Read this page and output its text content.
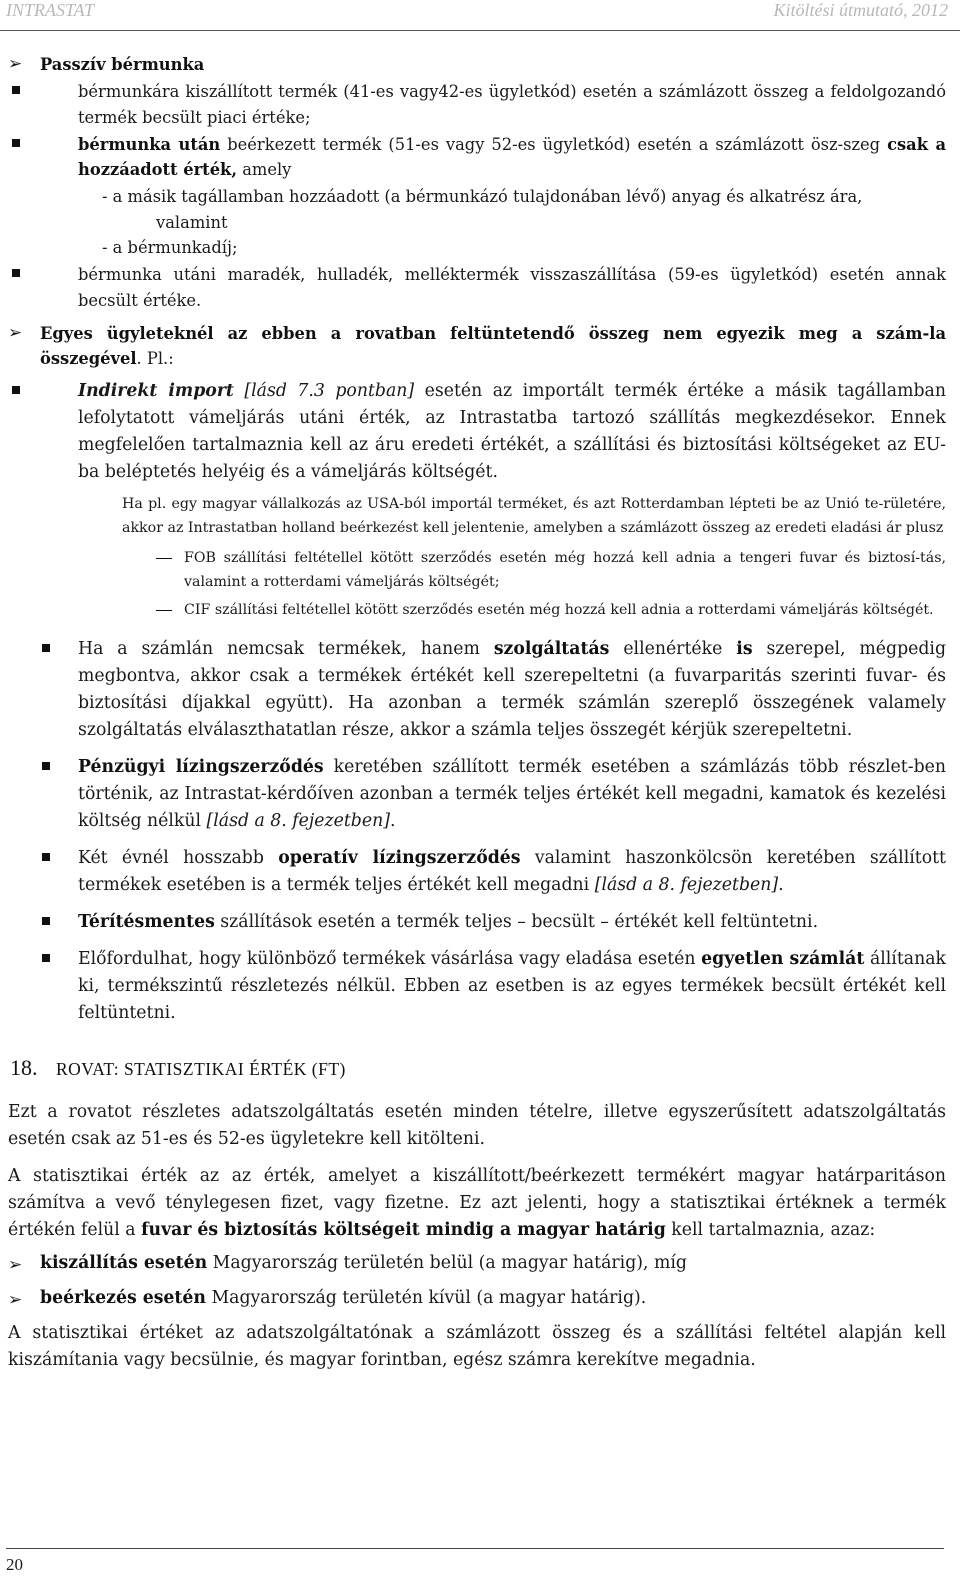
INTRASTAT	Kitöltési útmutató, 2012
➢	Passzív bérmunka
bérmunkára kiszállított termék (41-es vagy42-es ügyletkód) esetén a számlázott összeg a feldolgozandó termék becsült piaci értéke;
bérmunka után beérkezett termék (51-es vagy 52-es ügyletkód) esetén a számlázott ösz-szeg csak a hozzáadott érték, amely
- a másik tagállamban hozzáadott (a bérmunkázó tulajdonában lévő) anyag és alkatrész ára,
valamint
- a bérmunkadíj;
bérmunka utáni maradék, hulladék, melléktermék visszaszállítása (59-es ügyletkód) esetén annak becsült értéke.
➢	Egyes ügyleteknél az ebben a rovatban feltüntetendő összeg nem egyezik meg a szám-la összegével. Pl.:
Indirekt import [lásd 7.3 pontban] esetén az importált termék értéke a másik tagállamban lefolytatott vámeljárás utáni érték, az Intrastatba tartozó szállítás megkezdésekor. Ennek megfelelően tartalmaznia kell az áru eredeti értékét, a szállítási és biztosítási költségeket az EU-ba beléptetés helyéig és a vámeljárás költségét.
Ha pl. egy magyar vállalkozás az USA-ból importál terméket, és azt Rotterdamban lépteti be az Unió te-rületére, akkor az Intrastatban holland beérkezést kell jelentenie, amelyben a számlázott összeg az eredeti eladási ár plusz
FOB szállítási feltétellel kötött szerződés esetén még hozzá kell adnia a tengeri fuvar és biztosí-tás, valamint a rotterdami vámeljárás költségét;
CIF szállítási feltétellel kötött szerződés esetén még hozzá kell adnia a rotterdami vámeljárás költségét.
Ha a számlán nemcsak termékek, hanem szolgáltatás ellenértéke is szerepel, mégpedig megbontva, akkor csak a termékek értékét kell szerepeltetni (a fuvarparitás szerinti fuvar- és biztosítási díjakkal együtt). Ha azonban a termék számlán szereplő összegének valamely szolgáltatás elválaszthatatlan része, akkor a számla teljes összegét kérjük szerepeltetni.
Pénzügyi lízingszerződés keretében szállított termék esetében a számlázás több részlet-ben történik, az Intrastat-kérdőíven azonban a termék teljes értékét kell megadni, kamatok és kezelési költség nélkül [lásd a 8. fejezetben].
Két évnél hosszabb operatív lízingszerződés valamint haszonkölcsön keretében szállított termékek esetében is a termék teljes értékét kell megadni [lásd a 8. fejezetben].
Térítésmentes szállítások esetén a termék teljes – becsült – értékét kell feltüntetni.
Előfordulhat, hogy különböző termékek vásárlása vagy eladása esetén egyetlen számlát állítanak ki, termékszintű részletezés nélkül. Ebben az esetben is az egyes termékek becsült értékét kell feltüntetni.
18. ROVAT: STATISZTIKAI ÉRTÉK (FT)
Ezt a rovatot részletes adatszolgáltatás esetén minden tételre, illetve egyszerűsített adatszolgáltatás esetén csak az 51-es és 52-es ügyletekre kell kitölteni.
A statisztikai érték az az érték, amelyet a kiszállított/beérkezett termékért magyar határparitáson számítva a vevő ténylegesen fizet, vagy fizetne. Ez azt jelenti, hogy a statisztikai értéknek a termék értékén felül a fuvar és biztosítás költségeit mindig a magyar határig kell tartalmaznia, azaz:
➢	kiszállítás esetén Magyarország területén belül (a magyar határig), míg
➢	beérkezés esetén Magyarország területén kívül (a magyar határig).
A statisztikai értéket az adatszolgáltatónak a számlázott összeg és a szállítási feltétel alapján kell kiszámítania vagy becsülnie, és magyar forintban, egész számra kerekítve megadnia.
20
